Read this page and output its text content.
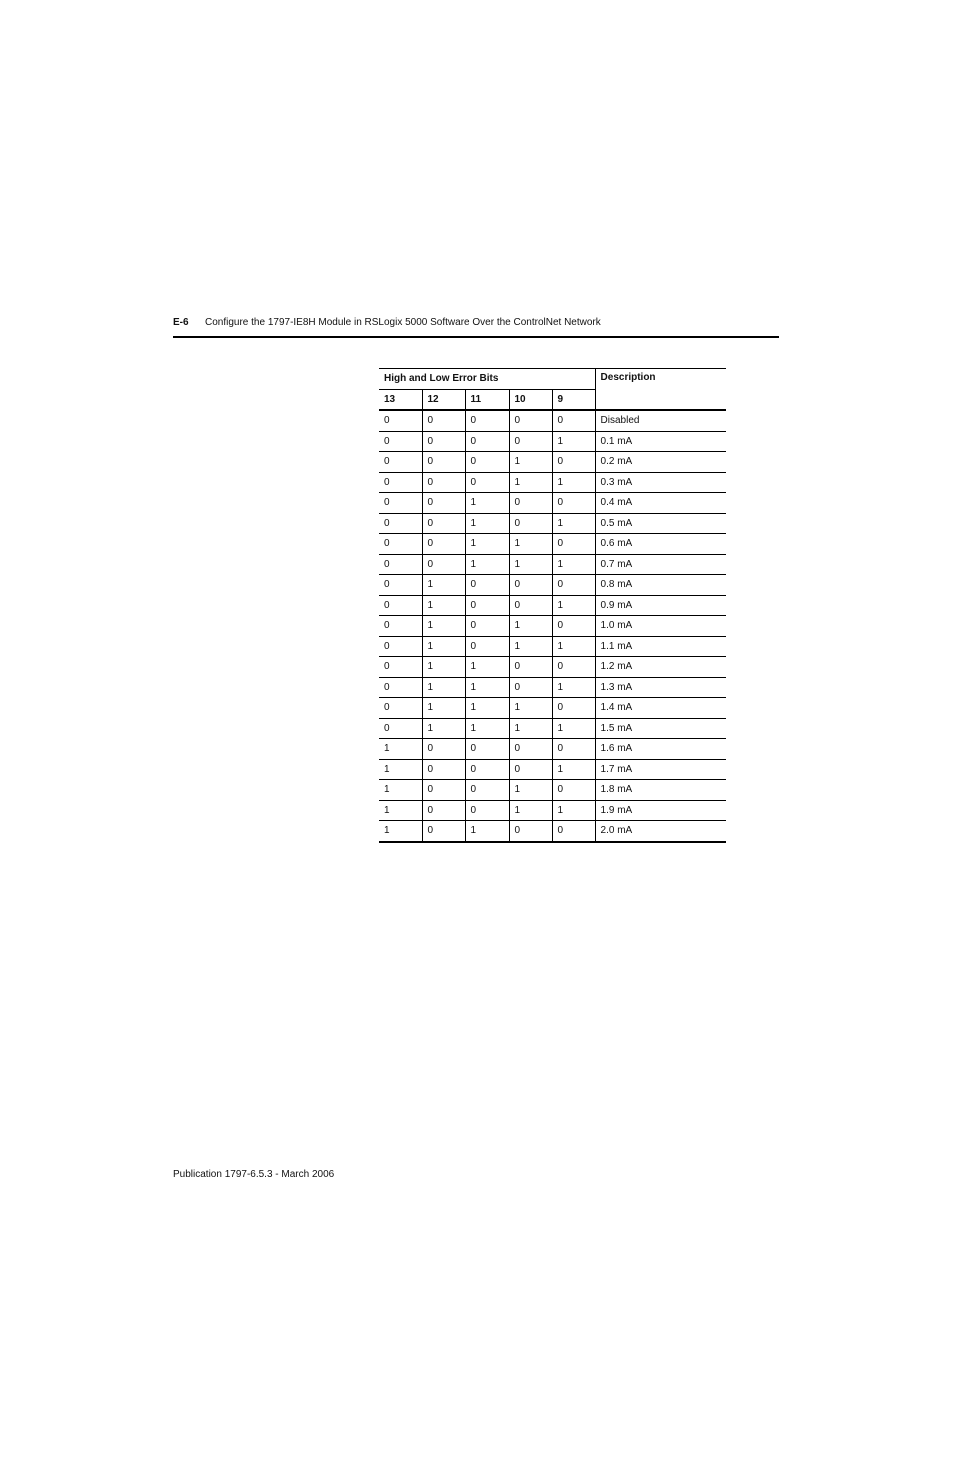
E-6 Configure the 1797-IE8H Module in RSLogix 5000 Software Over the ControlNet Network
High and Low Error Bits					Description
13	12	11	10	9	
0	0	0	0	0	Disabled
0	0	0	0	1	0.1 mA
0	0	0	1	0	0.2 mA
0	0	0	1	1	0.3 mA
0	0	1	0	0	0.4 mA
0	0	1	0	1	0.5 mA
0	0	1	1	0	0.6 mA
0	0	1	1	1	0.7 mA
0	1	0	0	0	0.8 mA
0	1	0	0	1	0.9 mA
0	1	0	1	0	1.0 mA
0	1	0	1	1	1.1 mA
0	1	1	0	0	1.2 mA
0	1	1	0	1	1.3 mA
0	1	1	1	0	1.4 mA
0	1	1	1	1	1.5 mA
1	0	0	0	0	1.6 mA
1	0	0	0	1	1.7 mA
1	0	0	1	0	1.8 mA
1	0	0	1	1	1.9 mA
1	0	1	0	0	2.0 mA
Publication 1797-6.5.3 - March 2006
